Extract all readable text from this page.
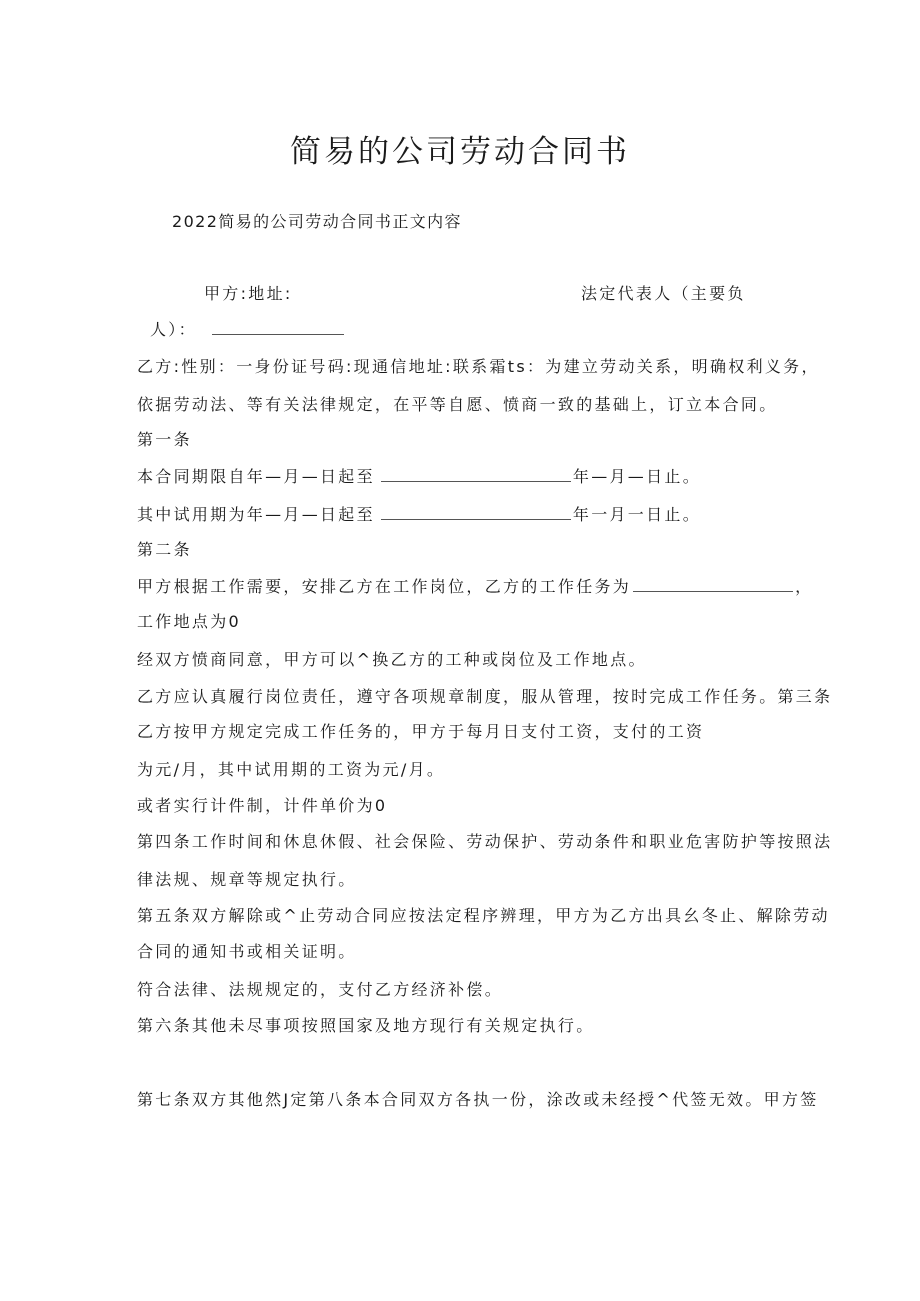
简易的公司劳动合同书

2022简易的公司劳动合同书正文内容

甲方:地址:	法定代表人（主要负

人）：

乙方:性别：一身份证号码:现通信地址:联系霜ts：为建立劳动关系，明确权利义务，

依据劳动法、等有关法律规定，在平等自愿、愤商一致的基础上，订立本合同。

第一条

本合同期限自年—月—日起至	年—月—日止。

其中试用期为年—月—日起至	年一月一日止。

第二条

甲方根据工作需要，安排乙方在工作岗位，乙方的工作任务为	，

工作地点为0

经双方愤商同意，甲方可以^换乙方的工种或岗位及工作地点。

乙方应认真履行岗位责任，遵守各项规章制度，服从管理，按时完成工作任务。第三条

乙方按甲方规定完成工作任务的，甲方于每月日支付工资，支付的工资

为元/月，其中试用期的工资为元/月。

或者实行计件制，计件单价为0

第四条工作时间和休息休假、社会保险、劳动保护、劳动条件和职业危害防护等按照法

律法规、规章等规定执行。

第五条双方解除或^止劳动合同应按法定程序辨理，甲方为乙方出具幺冬止、解除劳动

合同的通知书或相关证明。

符合法律、法规规定的，支付乙方经济补偿。

第六条其他未尽事项按照国家及地方现行有关规定执行。

第七条双方其他然J定第八条本合同双方各执一份，涂改或未经授^代签无效。甲方签
